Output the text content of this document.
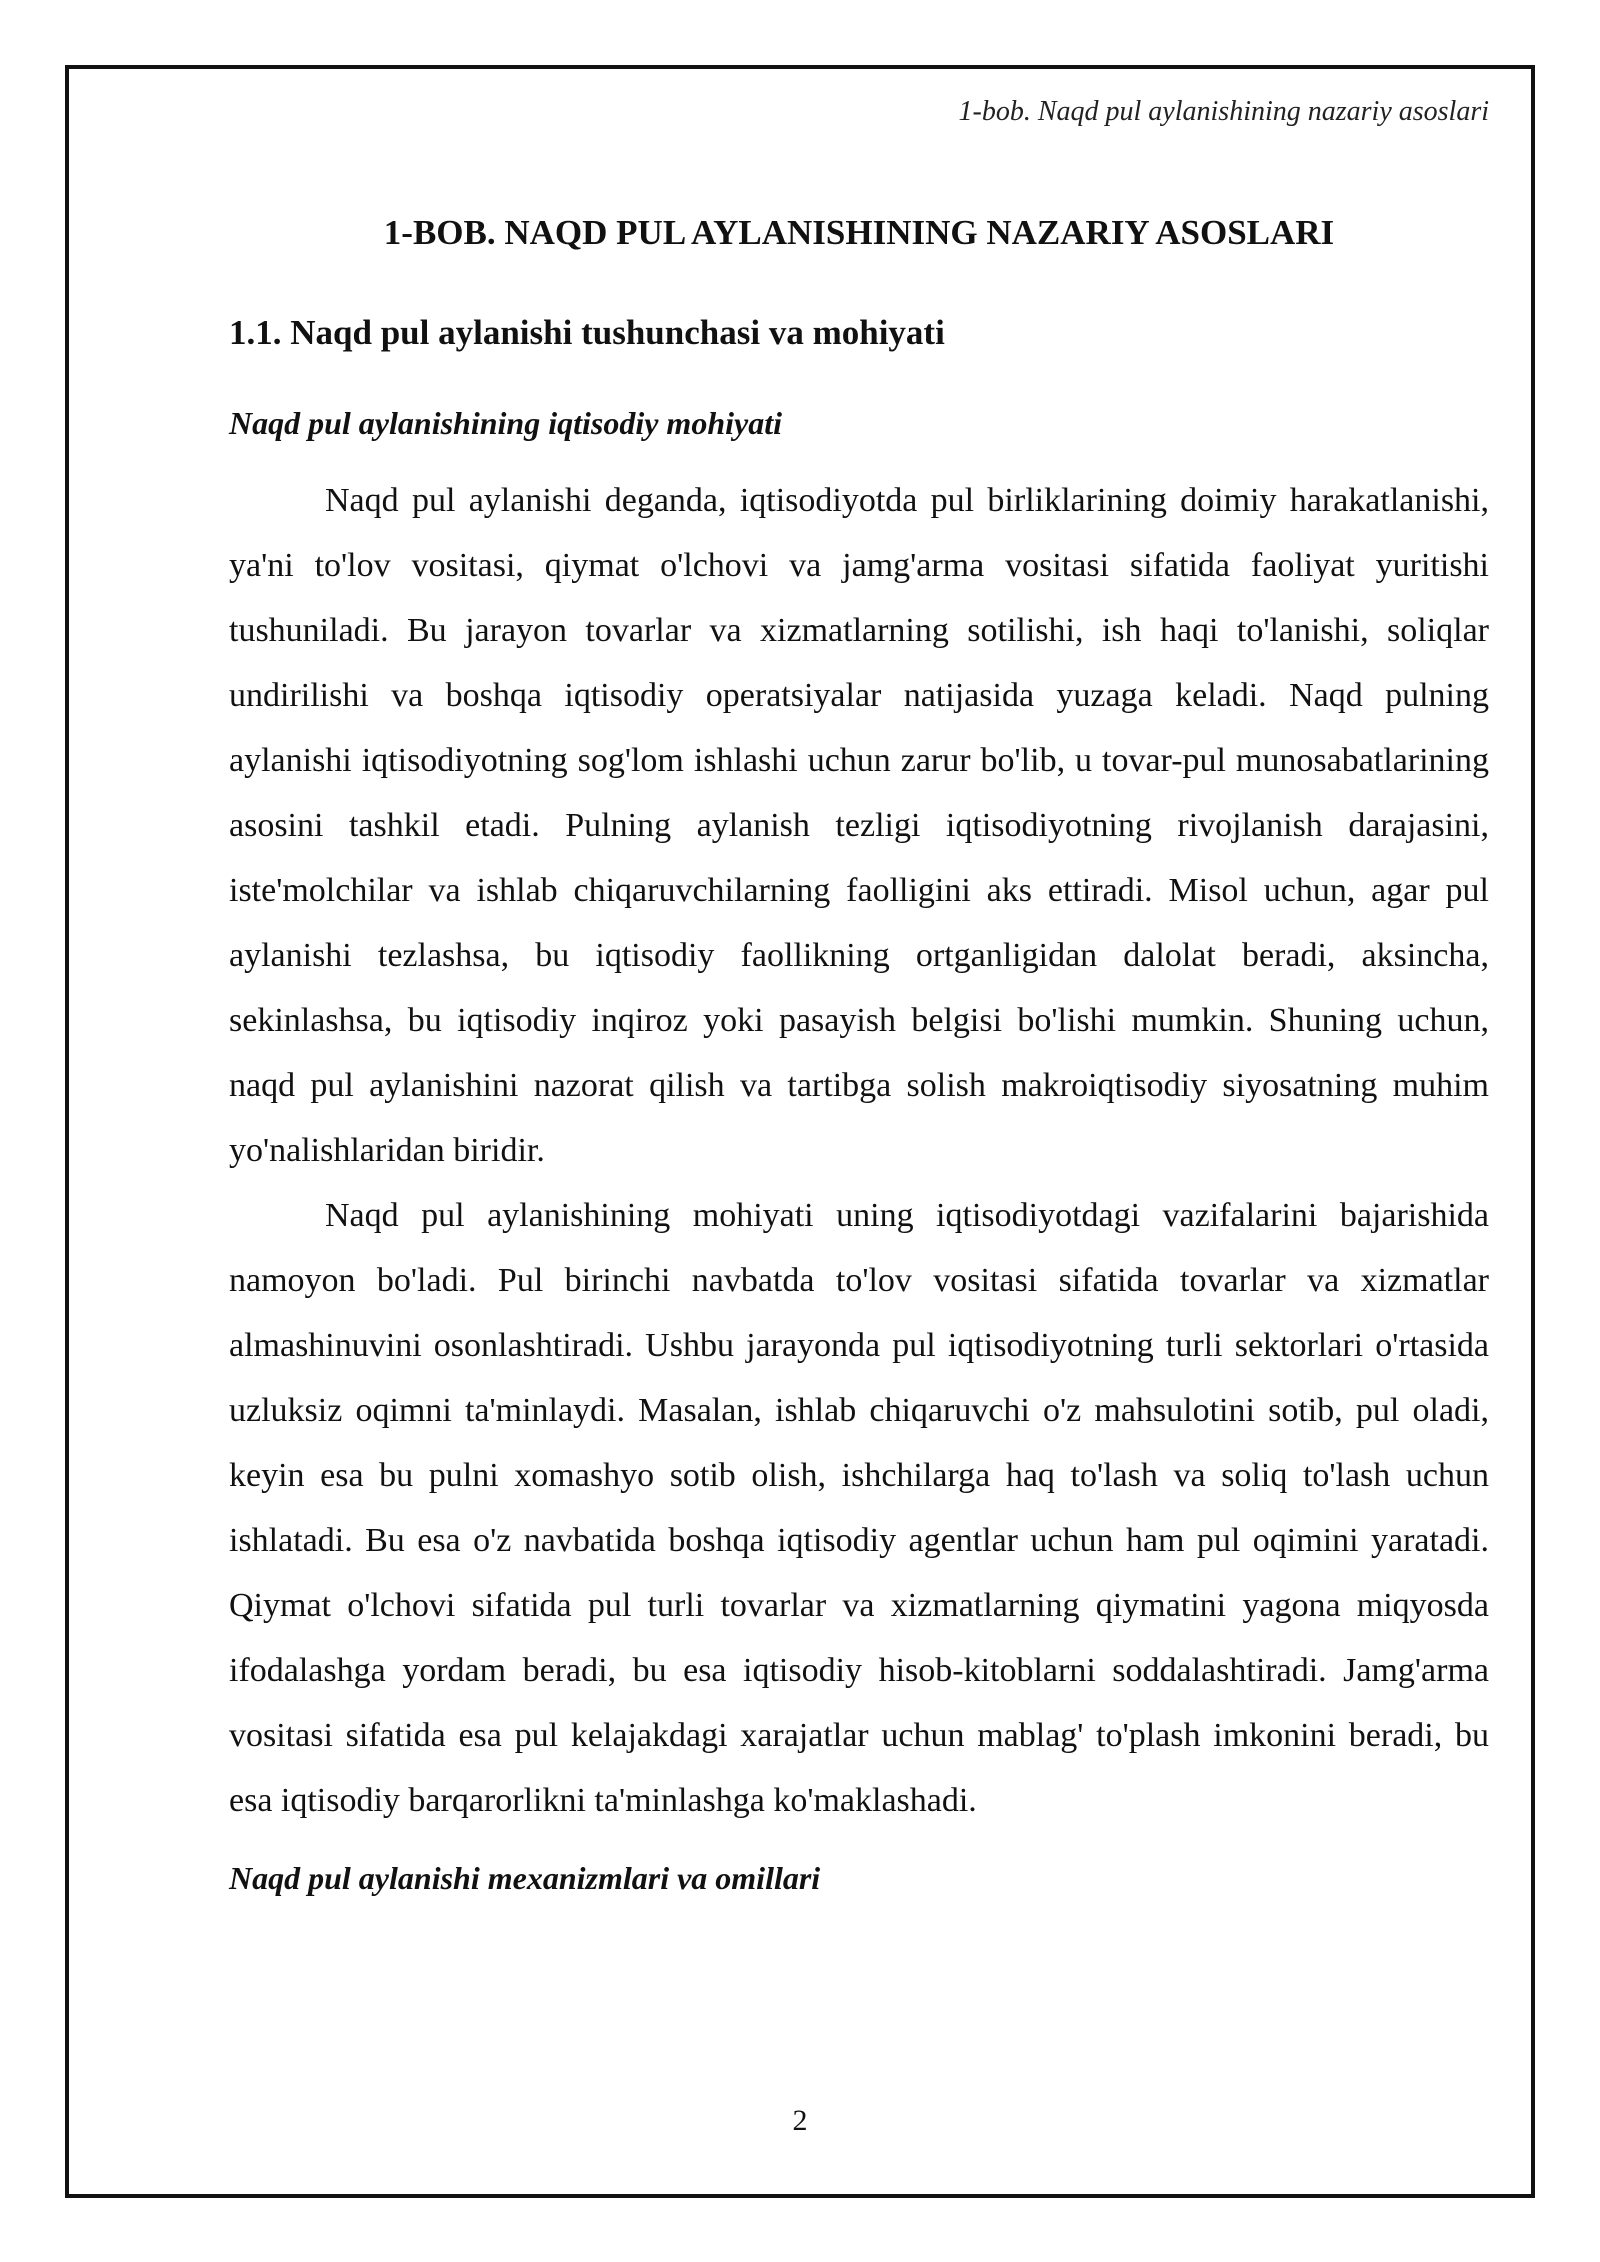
1-bob. Naqd pul aylanishining nazariy asoslari
1-BOB. NAQD PUL AYLANISHINING NAZARIY ASOSLARI
1.1. Naqd pul aylanishi tushunchasi va mohiyati
Naqd pul aylanishining iqtisodiy mohiyati

Naqd pul aylanishi deganda, iqtisodiyotda pul birliklarining doimiy harakatlanishi, ya'ni to'lov vositasi, qiymat o'lchovi va jamg'arma vositasi sifatida faoliyat yuritishi tushuniladi. Bu jarayon tovarlar va xizmatlarning sotilishi, ish haqi to'lanishi, soliqlar undirilishi va boshqa iqtisodiy operatsiyalar natijasida yuzaga keladi. Naqd pulning aylanishi iqtisodiyotning sog'lom ishlashi uchun zarur bo'lib, u tovar-pul munosabatlarining asosini tashkil etadi. Pulning aylanish tezligi iqtisodiyotning rivojlanish darajasini, iste'molchilar va ishlab chiqaruvchilarning faolligini aks ettiradi. Misol uchun, agar pul aylanishi tezlashsa, bu iqtisodiy faollikning ortganligidan dalolat beradi, aksincha, sekinlashsa, bu iqtisodiy inqiroz yoki pasayish belgisi bo'lishi mumkin. Shuning uchun, naqd pul aylanishini nazorat qilish va tartibga solish makroiqtisodiy siyosatning muhim yo'nalishlaridan biridir.

Naqd pul aylanishining mohiyati uning iqtisodiyotdagi vazifalarini bajarishida namoyon bo'ladi. Pul birinchi navbatda to'lov vositasi sifatida tovarlar va xizmatlar almashinuvini osonlashtiradi. Ushbu jarayonda pul iqtisodiyotning turli sektorlari o'rtasida uzluksiz oqimni ta'minlaydi. Masalan, ishlab chiqaruvchi o'z mahsulotini sotib, pul oladi, keyin esa bu pulni xomashyo sotib olish, ishchilarga haq to'lash va soliq to'lash uchun ishlatadi. Bu esa o'z navbatida boshqa iqtisodiy agentlar uchun ham pul oqimini yaratadi. Qiymat o'lchovi sifatida pul turli tovarlar va xizmatlarning qiymatini yagona miqyosda ifodalashga yordam beradi, bu esa iqtisodiy hisob-kitoblarni soddalashtiradi. Jamg'arma vositasi sifatida esa pul kelajakdagi xarajatlar uchun mablag' to'plash imkonini beradi, bu esa iqtisodiy barqarorlikni ta'minlashga ko'maklashadi.

Naqd pul aylanishi mexanizmlari va omillari
2
